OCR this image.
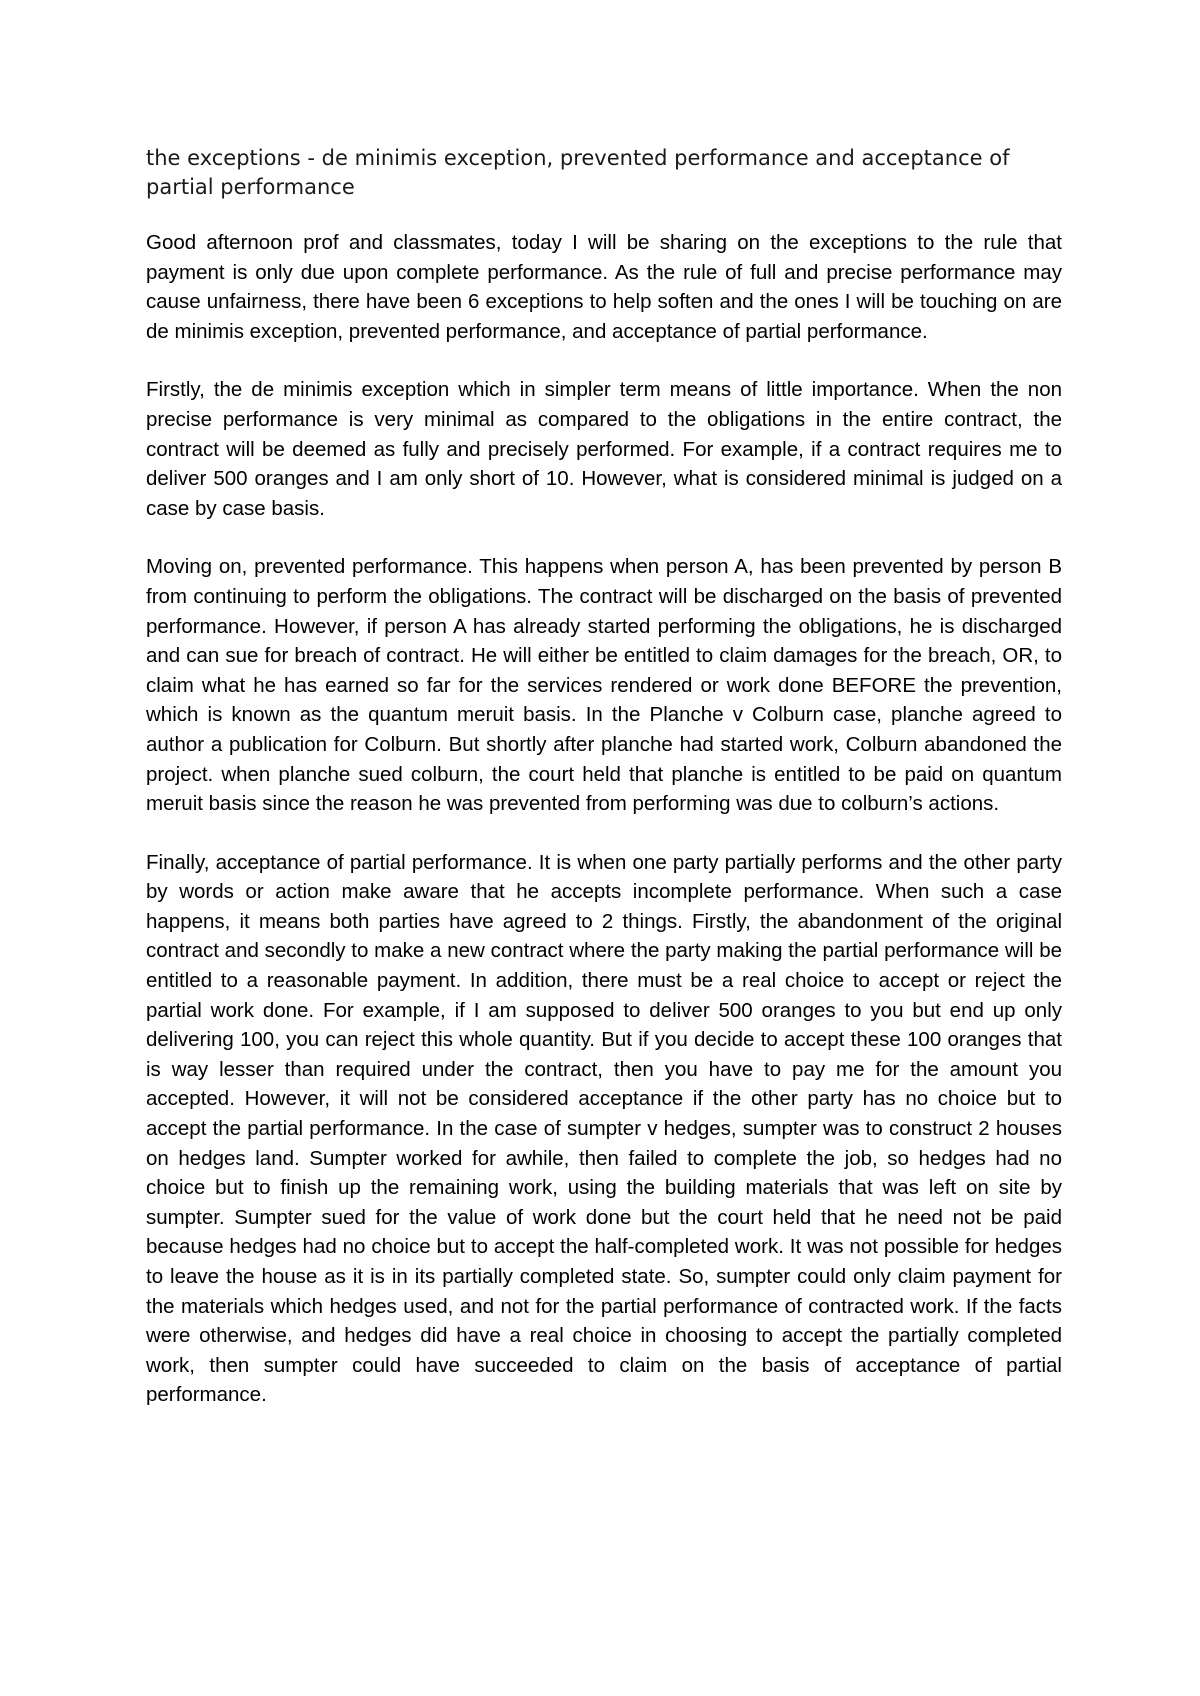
the exceptions - de minimis exception, prevented performance and acceptance of partial performance

Good afternoon prof and classmates, today I will be sharing on the exceptions to the rule that payment is only due upon complete performance. As the rule of full and precise performance may cause unfairness, there have been 6 exceptions to help soften and the ones I will be touching on are de minimis exception, prevented performance, and acceptance of partial performance.

Firstly, the de minimis exception which in simpler term means of little importance. When the non precise performance is very minimal as compared to the obligations in the entire contract, the contract will be deemed as fully and precisely performed. For example, if a contract requires me to deliver 500 oranges and I am only short of 10. However, what is considered minimal is judged on a case by case basis.

Moving on, prevented performance. This happens when person A, has been prevented by person B from continuing to perform the obligations. The contract will be discharged on the basis of prevented performance. However, if person A has already started performing the obligations, he is discharged and can sue for breach of contract. He will either be entitled to claim damages for the breach, OR, to claim what he has earned so far for the services rendered or work done BEFORE the prevention, which is known as the quantum meruit basis. In the Planche v Colburn case, planche agreed to author a publication for Colburn. But shortly after planche had started work, Colburn abandoned the project. when planche sued colburn, the court held that planche is entitled to be paid on quantum meruit basis since the reason he was prevented from performing was due to colburn’s actions.

Finally, acceptance of partial performance. It is when one party partially performs and the other party by words or action make aware that he accepts incomplete performance. When such a case happens, it means both parties have agreed to 2 things. Firstly, the abandonment of the original contract and secondly to make a new contract where the party making the partial performance will be entitled to a reasonable payment. In addition, there must be a real choice to accept or reject the partial work done. For example, if I am supposed to deliver 500 oranges to you but end up only delivering 100, you can reject this whole quantity. But if you decide to accept these 100 oranges that is way lesser than required under the contract, then you have to pay me for the amount you accepted. However, it will not be considered acceptance if the other party has no choice but to accept the partial performance. In the case of sumpter v hedges, sumpter was to construct 2 houses on hedges land. Sumpter worked for awhile, then failed to complete the job, so hedges had no choice but to finish up the remaining work, using the building materials that was left on site by sumpter. Sumpter sued for the value of work done but the court held that he need not be paid because hedges had no choice but to accept the half-completed work. It was not possible for hedges to leave the house as it is in its partially completed state. So, sumpter could only claim payment for the materials which hedges used, and not for the partial performance of contracted work. If the facts were otherwise, and hedges did have a real choice in choosing to accept the partially completed work, then sumpter could have succeeded to claim on the basis of acceptance of partial performance.
